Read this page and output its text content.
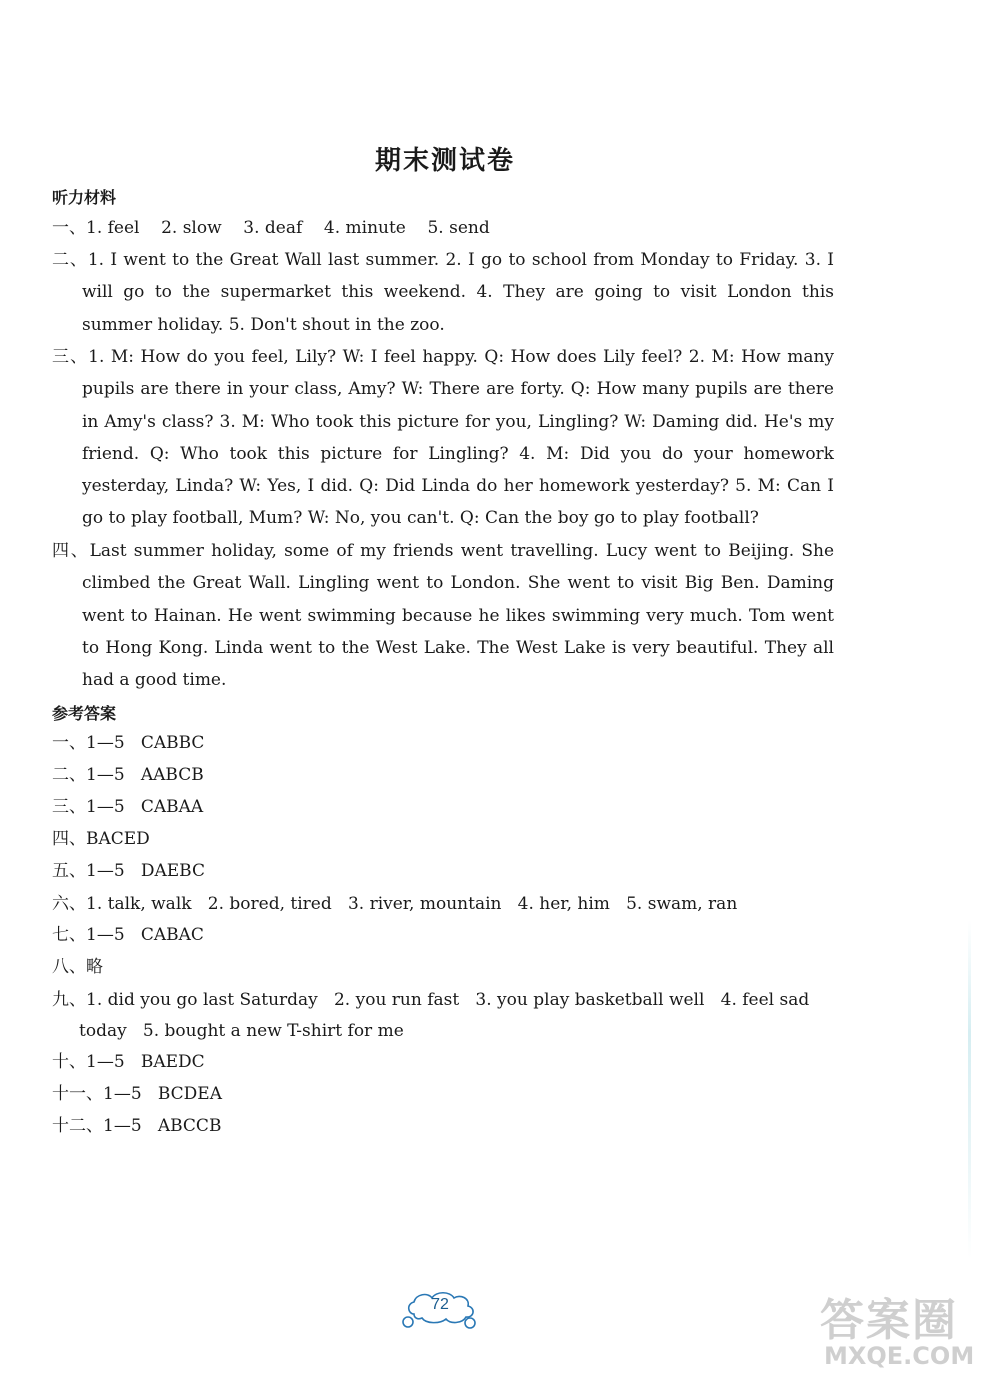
期末测试卷
听力材料
一、1. feel    2. slow    3. deaf    4. minute    5. send
二、1. I went to the Great Wall last summer. 2. I go to school from Monday to Friday. 3. I will go to the supermarket this weekend. 4. They are going to visit London this summer holiday. 5. Don't shout in the zoo.
三、1. M: How do you feel, Lily? W: I feel happy. Q: How does Lily feel? 2. M: How many pupils are there in your class, Amy? W: There are forty. Q: How many pupils are there in Amy's class? 3. M: Who took this picture for you, Lingling? W: Daming did. He's my friend. Q: Who took this picture for Lingling? 4. M: Did you do your homework yesterday, Linda? W: Yes, I did. Q: Did Linda do her homework yesterday? 5. M: Can I go to play football, Mum? W: No, you can't. Q: Can the boy go to play football?
四、Last summer holiday, some of my friends went travelling. Lucy went to Beijing. She climbed the Great Wall. Lingling went to London. She went to visit Big Ben. Daming went to Hainan. He went swimming because he likes swimming very much. Tom went to Hong Kong. Linda went to the West Lake. The West Lake is very beautiful. They all had a good time.
参考答案
一、1—5   CABBC
二、1—5   AABCB
三、1—5   CABAA
四、BACED
五、1—5   DAEBC
六、1. talk, walk   2. bored, tired   3. river, mountain   4. her, him   5. swam, ran
七、1—5   CABAC
八、略
九、1. did you go last Saturday   2. you run fast   3. you play basketball well   4. feel sad
today   5. bought a new T-shirt for me
十、1—5   BAEDC
十一、1—5   BCDEA
十二、1—5   ABCCB
72	答案圈
MXQE.COM
